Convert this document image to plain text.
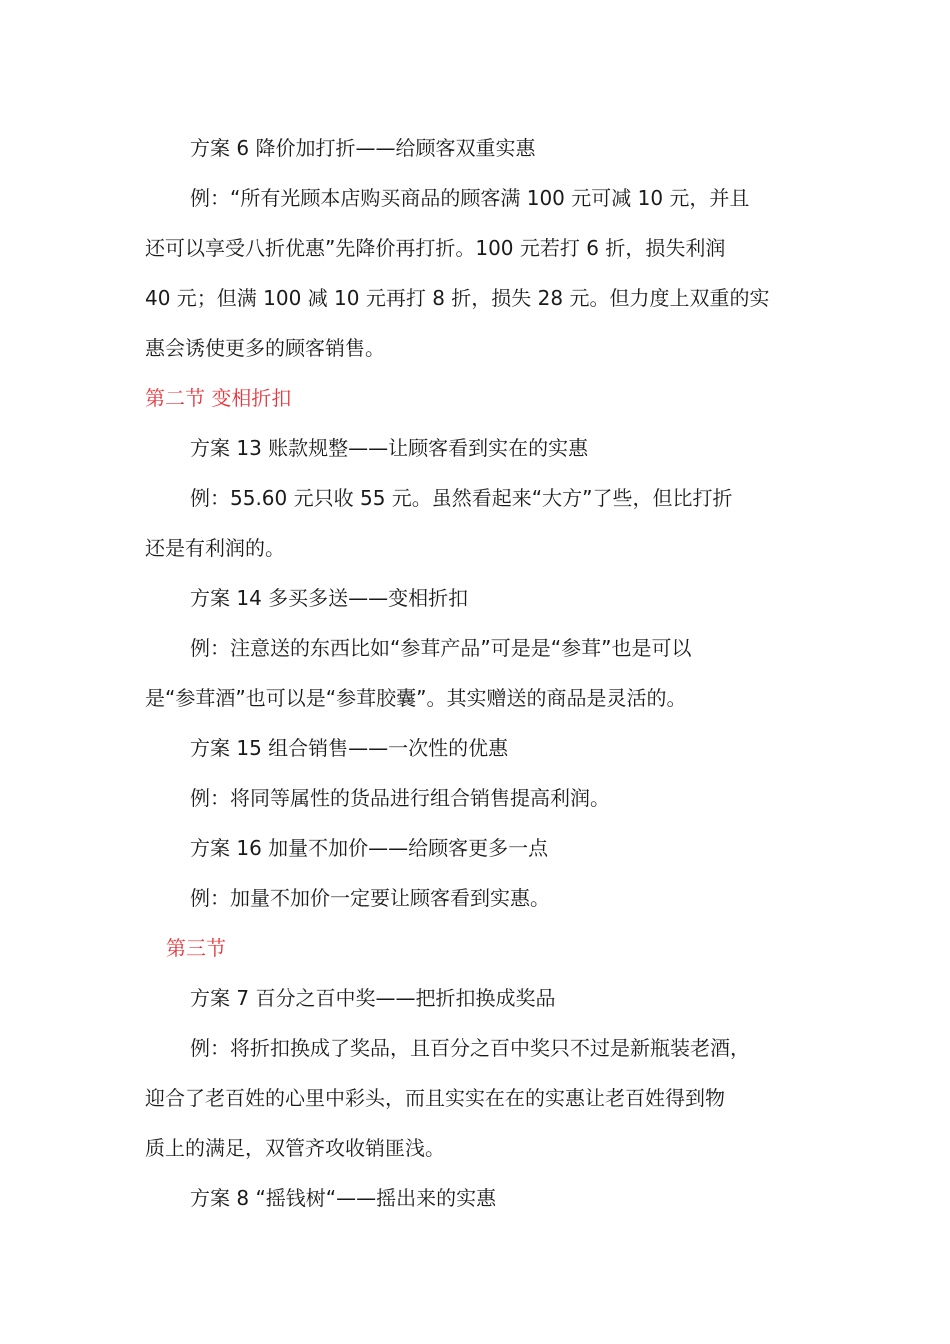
方案 6 降价加打折——给顾客双重实惠
例：“所有光顾本店购买商品的顾客满 100 元可减 10 元，并且
还可以享受八折优惠”先降价再打折。100 元若打 6 折，损失利润
40 元；但满 100 减 10 元再打 8 折，损失 28 元。但力度上双重的实
惠会诱使更多的顾客销售。
第二节 变相折扣
方案 13 账款规整——让顾客看到实在的实惠
例：55.60 元只收 55 元。虽然看起来“大方”了些，但比打折
还是有利润的。
方案 14 多买多送——变相折扣
例：注意送的东西比如“参茸产品”可是是“参茸”也是可以
是“参茸酒”也可以是“参茸胶囊”。其实赠送的商品是灵活的。
方案 15 组合销售——一次性的优惠
例：将同等属性的货品进行组合销售提高利润。
方案 16 加量不加价——给顾客更多一点
例：加量不加价一定要让顾客看到实惠。
第三节
方案 7 百分之百中奖——把折扣换成奖品
例：将折扣换成了奖品，且百分之百中奖只不过是新瓶装老酒，
迎合了老百姓的心里中彩头，而且实实在在的实惠让老百姓得到物
质上的满足，双管齐攻收销匪浅。
方案 8 “摇钱树“——摇出来的实惠
